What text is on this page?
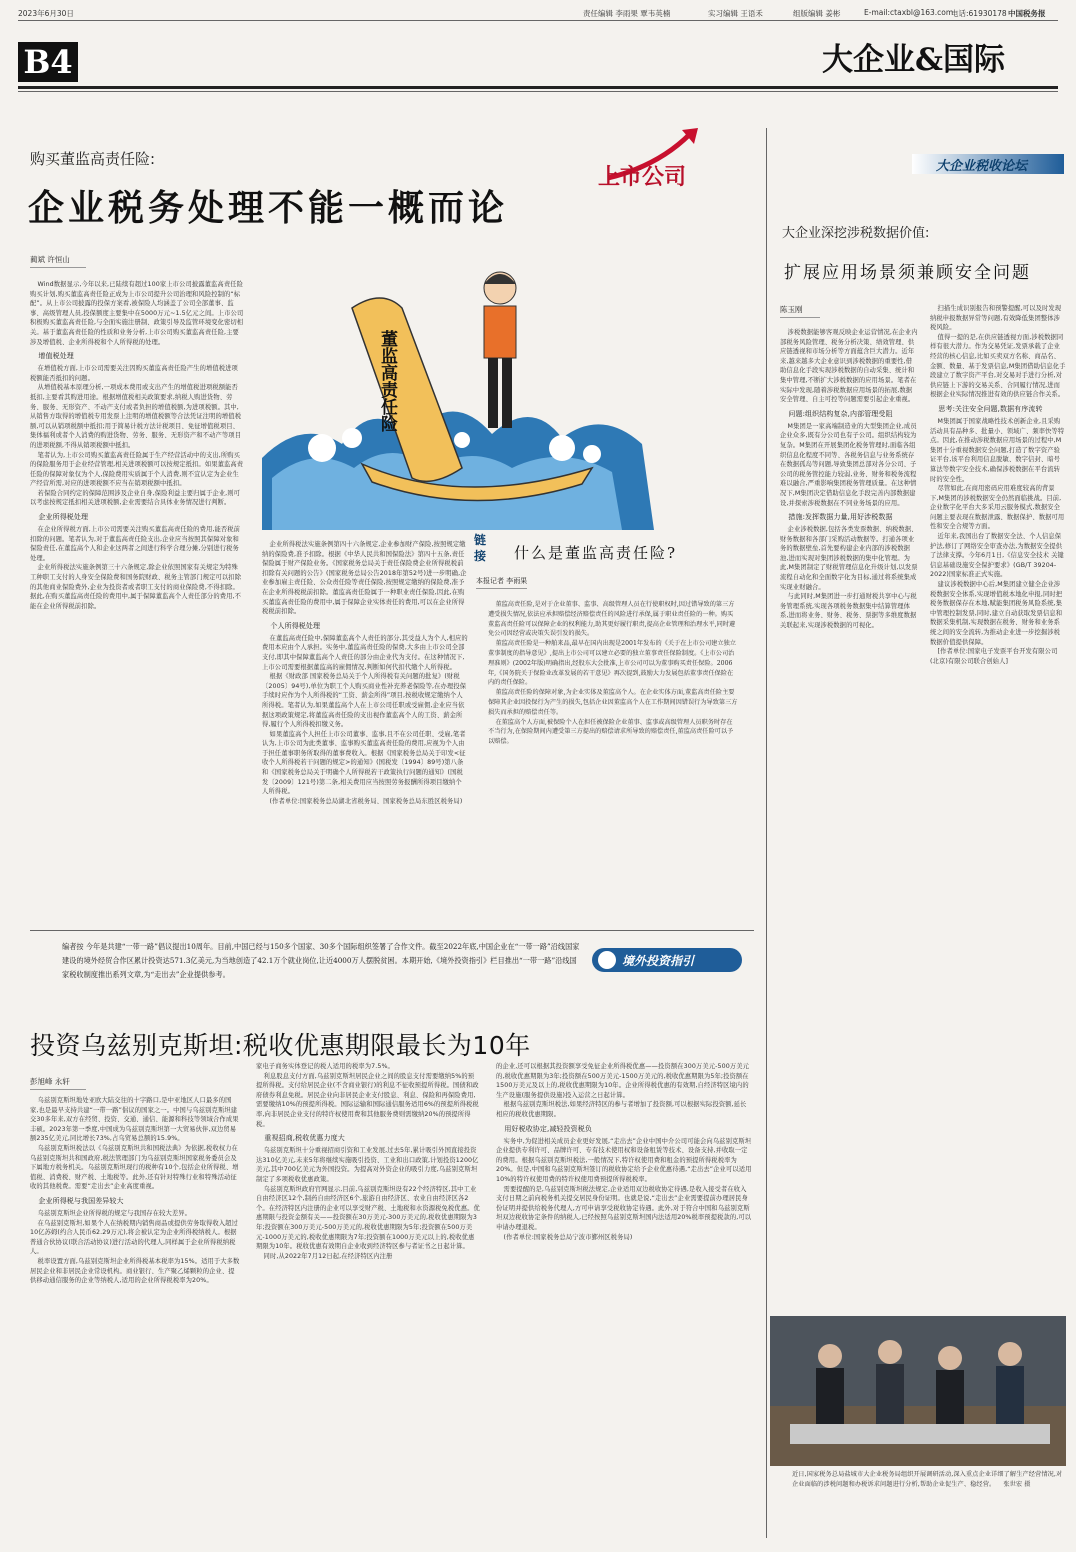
2023年6月30日	责任编辑 李雨果 覃韦英楠	实习编辑 王语禾	组版编辑 姜彬	E-mail:ctaxbl@163.com
电话:61930178 中国税务报
B4	大企业&国际
购买董监高责任险:
企业税务处理不能一概而论
上市公司
蔺斌 许恒山
董监高责任险

Wind数据显示,今年以来,已陆续有超过100家上市公司披露董监高责任险购买计划,购买董监高责任险正成为上市公司提升公司治理和风险控制的“标配”。从上市公司披露的投保方案看,被保险人均涵盖了公司全部董事、监事、高级管理人员,投保额度主要集中在5000万元~1.5亿元之间。上市公司积极购买董监高责任险,与全面实施注册制、政策引导及监管环境变化密切相关。基于董监高责任险的性质和业务分析,上市公司购买董监高责任险,主要涉及增值税、企业所得税和个人所得税的处理。

增值税处理

在增值税方面,上市公司需要关注因购买董监高责任险产生的增值税进项税额能否抵扣的问题。

从增值税基本原理分析,一项成本费用或支出产生的增值税进项税额能否抵扣,主要看其购进用途。根据增值税相关政策要求,纳税人购进货物、劳务、服务、无形资产、不动产支付或者负担的增值税额,为进项税额。其中,从销售方取得的增值税专用发票上注明的增值税额等合法凭证注明的增值税额,可以从销项税额中抵扣;用于简易计税方法计税项目、免征增值税项目、集体福利或者个人消费的购进货物、劳务、服务、无形资产和不动产等项目的进项税额,不得从销项税额中抵扣。

笔者认为,上市公司购买董监高责任险属于生产经营活动中的支出,所购买的保险服务用于企业经营管理,相关进项税额可以按规定抵扣。如果董监高责任险的保障对象仅为个人,保险费用实质属于个人消费,则不宜认定为企业生产经营所需,对应的进项税额不应当在销项税额中抵扣。

若保险合同约定的保障范围涉及企业自身,保险利益主要归属于企业,则可以考虑按规定抵扣相关进项税额,企业需要结合具体业务情况进行判断。

企业所得税处理

在企业所得税方面,上市公司需要关注购买董监高责任险的费用,能否税前扣除的问题。笔者认为,对于董监高责任险支出,企业应当按照其保障对象和保险责任,在董监高个人和企业这两者之间进行科学合理分摊,分别进行税务处理。

企业所得税法实施条例第三十六条规定,除企业依照国家有关规定为特殊工种职工支付的人身安全保险费和国务院财政、税务主管部门规定可以扣除的其他商业保险费外,企业为投资者或者职工支付的商业保险费,不得扣除。据此,在购买董监高责任险的费用中,属于保障董监高个人责任部分的费用,不能在企业所得税前扣除。

企业所得税法实施条例第四十六条规定,企业参加财产保险,按照规定缴纳的保险费,准予扣除。根据《中华人民共和国保险法》第四十五条,责任保险属于财产保险业务。《国家税务总局关于责任保险费企业所得税税前扣除有关问题的公告》(国家税务总局公告2018年第52号)进一步明确,企业参加雇主责任险、公众责任险等责任保险,按照规定缴纳的保险费,准予在企业所得税税前扣除。董监高责任险属于一种职业责任保险,因此,在购买董监高责任险的费用中,属于保障企业实体责任的费用,可以在企业所得税税前扣除。

个人所得税处理

在董监高责任险中,保障董监高个人责任的部分,其受益人为个人,相应的费用本应由个人承担。实务中,董监高责任险的保费,大多由上市公司全部支付,即其中保障董监高个人责任的部分由企业代为支付。在这种情况下,上市公司需要根据董监高的雇佣情况,判断如何代扣代缴个人所得税。

根据《财政部 国家税务总局关于个人所得税有关问题的批复》(财税〔2005〕94号),单位为职工个人购买商业性补充养老保险等,在办理投保手续时应作为个人所得税的“工资、薪金所得”项目,按税收规定缴纳个人所得税。笔者认为,如果董监高个人在上市公司任职或受雇佣,企业应当依据这项政策规定,将董监高责任险的支出视作董监高个人的工资、薪金所得,履行个人所得税扣缴义务。

如果董监高个人担任上市公司董事、监事,且不在公司任职、受雇,笔者认为,上市公司为此类董事、监事购买董监高责任险的费用,应视为个人由于担任董事职务所取得的董事费收入。根据《国家税务总局关于印发<征收个人所得税若干问题的规定>的通知》(国税发〔1994〕89号)第八条和《国家税务总局关于明确个人所得税若干政策执行问题的通知》(国税发〔2009〕121号)第二条,相关费用应当按照劳务报酬所得项目缴纳个人所得税。

(作者单位:国家税务总局湖北省税务局、国家税务总局东胜区税务局)

链接 什么是董监高责任险?
本报记者 李雨果

董监高责任险,是对于企业董事、监事、高级管理人员在行使职权时,因过错导致的第三方遭受损失情况,依法应承担赔偿经济赔偿责任的风险进行承保,属于职业责任险的一种。购买董监高责任险可以保障企业的权利能力,助其更好履行职责,提高企业管理和治理水平,同时避免公司因经营或决策失误引发的损失。

董监高责任险是一种舶来品,最早在国内出现是2001年发布的《关于在上市公司建立独立董事制度的指导意见》,提出上市公司可以建立必要的独立董事责任保险制度。《上市公司治理准则》(2002年版)明确指出,经股东大会批准,上市公司可以为董事购买责任保险。2006年,《国务院关于保险业改革发展的若干意见》再次提到,鼓励大力发展包括董事责任保险在内的责任保险。

董监高责任险的保障对象,为企业实体及董监高个人。在企业实体方面,董监高责任险主要保障其企业因投保行为产生的损失,包括企业因董监高个人在工作期间因错误行为导致第三方损失而承担的赔偿责任等。

在董监高个人方面,被保险个人在担任被保险企业董事、监事或高级管理人员职务时存在不当行为,在保险期间内遭受第三方提出的赔偿请求所导致的赔偿责任,董监高责任险可以予以赔偿。

大企业税收论坛
大企业深挖涉税数据价值:
扩展应用场景须兼顾安全问题
陈玉刚

涉税数据能够客观反映企业运营情况,在企业内部税务风险管理、税务分析决策、绩效管理、供应链透视和市场分析等方面蕴含巨大潜力。近年来,越来越多大企业意识到涉税数据的重要性,借助信息化手段实现涉税数据的自动采集、统计和集中管理,不断扩大涉税数据的应用场景。笔者在实际中发现,随着涉税数据应用场景的拓展,数据安全管理、自主可控等问题需要引起企业重视。

问题:组织结构复杂,内部管理受阻

M集团是一家高端制造业的大型集团企业,成员企业众多,既有分公司也有子公司。组织结构较为复杂。M集团在开展集团化税务管理时,面临各组织信息化程度不同等、各税务信息与业务系统存在数据孤岛等问题,导致集团总部对各分公司、子公司的税务管控能力较弱,业务、财务和税务流程难以融合,严重影响集团税务管理质量。在这种情况下,M集团决定借助信息化手段完善内部数据建设,并探索涉税数据在不同业务场景的应用。

措施:发挥数据力量,用好涉税数据

企业涉税数据,包括各类发票数据、纳税数据、财务数据和各部门采购活动数据等。打通各项业务的数据壁垒,首先要构建企业内部的涉税数据池,进而实现对集团涉税数据的集中化管理。为此,M集团制定了财税管理信息化升级计划,以发票流程自动化和全面数字化为目标,通过将系统集成实现业财融合。

与此同时,M集团进一步打通财税共享中心与税务管理系统,实现各项税务数据集中结算管理体系,进而将业务、财务、税务、票据等多维度数据关联起来,实现涉税数据的可视化。

扫描生成识别报告和预警提醒,可以及时发现纳税申报数据异常等问题,有效降低集团整体涉税风险。

值得一提的是,在供应链透视方面,涉税数据同样有很大潜力。作为交易凭证,发票承载了企业经营的核心信息,比如买卖双方名称、商品名、金额、数量、基于发票信息,M集团借助信息化手段建立了数字资产平台,对交易对手进行分析,对供应链上下游的交易关系、合同履行情况,进而根据企业实际情况推进有效的供应链合作关系。

思考:关注安全问题,数据有序流转

M集团属于国家战略性技术创新企业,且采购活动具有品种多、批量小、领域广、频率快等特点。因此,在推动涉税数据应用场景的过程中,M集团十分重视数据安全问题,打造了数字资产验证平台,该平台利用信息脱敏、数字信封、暗号算法等数字安全技术,确保涉税数据在平台流转时的安全性。

尽管如此,在商用密码应用难度较高的背景下,M集团的涉税数据安全仍然面临挑战。目前,企业数字化平台大多采用云服务模式,数据安全问题主要表现在数据泄露、数据保护、数据可用性和安全合规等方面。

近年来,我国出台了数据安全法、个人信息保护法,修订了网络安全审查办法,为数据安全提供了法律支撑。今年6月1日,《信息安全技术 关键信息基础设施安全保护要求》(GB/T 39204-2022)国家标准正式实施。

建议涉税数据中心后,M集团建立健全企业涉税数据安全体系,实现增值税本地化申报,同时把税务数据保存在本地,赋能集团税务风险系统,集中管理控制发票,同时,建立自动获取发票信息和数据采集机制,实现数据在税务、财务和业务系统之间的安全流转,为推动企业进一步挖掘涉税数据价值提供保障。

[作者单位:国家电子发票平台开发有限公司(北京)有限公司联合创始人]

编者按 今年是共建“一带一路”倡议提出10周年。目前,中国已经与150多个国家、30多个国际组织签署了合作文件。截至2022年底,中国企业在“一带一路”沿线国家建设的境外经贸合作区累计投资达571.3亿美元,为当地创造了42.1万个就业岗位,让近4000万人摆脱贫困。本期开始,《境外投资指引》栏目推出“一带一路”沿线国家税收制度推出系列文章,为“走出去”企业提供参考。
境外投资指引
投资乌兹别克斯坦:税收优惠期限最长为10年
彭旭峰 永轩

乌兹别克斯坦地处亚欧大陆交往的十字路口,是中亚地区人口最多的国家,也是最早支持共建“一带一路”倡议的国家之一。中国与乌兹别克斯坦建交30多年来,双方在经贸、投资、交通、通信、能源和科技等领域合作成果丰硕。2023年第一季度,中国成为乌兹别克斯坦第一大贸易伙伴,双边贸易额235亿美元,同比增长73%,占乌贸易总额的15.9%。

乌兹别克斯坦税法以《乌兹别克斯坦共和国税法典》为依据,税收权力在乌兹别克斯坦共和国政府,税法管理部门为乌兹别克斯坦国家税务委员会及下属地方税务机关。乌兹别克斯坦现行的税种有10个,包括企业所得税、增值税、消费税、财产税、土地税等。此外,还有针对特殊行业和特殊活动征收的其他税费。需要“走出去”企业高度重视。

企业所得税与我国差异较大

乌兹别克斯坦企业所得税的规定与我国存在较大差异。

在乌兹别克斯坦,如果个人在纳税期内销售商品或提供劳务取得收入超过10亿苏姆(约合人民币62.29万元),将会被认定为企业所得税纳税人。根据普通合伙协议(联合活动协议)进行活动的代理人,同样属于企业所得税纳税人。

税率设置方面,乌兹别克斯坦企业所得税基本税率为15%。适用于大多数居民企业和非居民企业常设机构。商业银行、生产聚乙烯颗粒的企业、提供移动通信服务的企业等纳税人,适用的企业所得税税率为20%。

家电子商务实体登记的税人适用的税率为7.5%。

利息股息支付方面,乌兹别克斯坦居民企业之间的股息支付需要缴纳5%的预提所得税。支付给居民企业(不含商业银行)的利息不征收预提所得税。国债和政府债券利息免税。居民企业向非居民企业支付股息、利息、保险和再保险费用,需要缴纳10%的预提所得税。国际运输和国际通信服务适用6%的预提所得税税率,向非居民企业支付的特许权使用费和其他服务费则需缴纳20%的预提所得税。

重视招商,税收优惠力度大

乌兹别克斯坦十分重视招商引资和工业发展,过去5年,累计吸引外国直接投资达310亿美元,未来5年将继续实施吸引投资、工业和出口政策,计划投资1200亿美元,其中700亿美元为外国投资。为提高对外资企业的吸引力度,乌兹别克斯坦制定了多项税收优惠政策。

乌兹别克斯坦政府官网显示,目前,乌兹别克斯坦设有22个经济特区,其中工业自由经济区12个,制药自由经济区6个,旅游自由经济区、农业自由经济区各2个。在经济特区内注册的企业可以享受财产税、土地税和水资源税免税优惠。优惠期限与投资金额有关——投资额在30万美元-300万美元的,税收优惠期限为3年;投资额在300万美元-500万美元的,税收优惠期限为5年;投资额在500万美元-1000万美元的,税收优惠期限为7年;投资额在1000万美元以上的,税收优惠期限为10年。税收优惠有效期自企业收到经济特区参与者证书之日起计算。

同时,从2022年7月12日起,在经济特区内注册

的企业,还可以根据其投资额享受免征企业所得税优惠——投资额在300万美元-500万美元的,税收优惠期限为3年;投资额在500万美元-1500万美元的,税收优惠期限为5年;投资额在1500万美元及以上的,税收优惠期限为10年。企业所得税优惠的有效期,自经济特区境内的生产设施(服务提供设施)投入运营之日起计算。

根据乌兹别克斯坦税法,如果经济特区的参与者增加了投资额,可以根据实际投资额,延长相应的税收优惠期限。

用好税收协定,减轻投资税负

实务中,为促进相关成员企业更好发展,“走出去”企业中国中介公司可能会向乌兹别克斯坦企业提供专利许可、品牌许可、专有技术使用权和设备租赁等技术、设备支持,并收取一定的费用。根据乌兹别克斯坦税法,一般情况下,特许权使用费和租金的预提所得税税率为20%。但是,中国和乌兹别克斯坦签订的税收协定给予企业优惠待遇,“走出去”企业可以适用10%的特许权使用费的特许权使用费预提所得税税率。

需要提醒的是,乌兹别克斯坦税法规定,企业适用双边税收协定待遇,是收入接受者在收入支付日期之前向税务机关提交居民身份证明。也就是说,“走出去”企业需要提前办理居民身份证明并提供给税务代理人,方可申请享受税收协定待遇。此外,对于符合中国和乌兹别克斯坦双边税收协定条件的纳税人,已经按照乌兹别克斯坦国内法适用20%税率预提税款的,可以申请办理退税。

(作者单位:国家税务总局宁波市鄞州区税务局)

近日,国家税务总局盐城市大企业税务局组织开展调研活动,深入重点企业详细了解生产经营情况,对企业面临的涉税问题和办税诉求问题进行分析,帮助企业促生产、稳经营。 张世宏 摄
